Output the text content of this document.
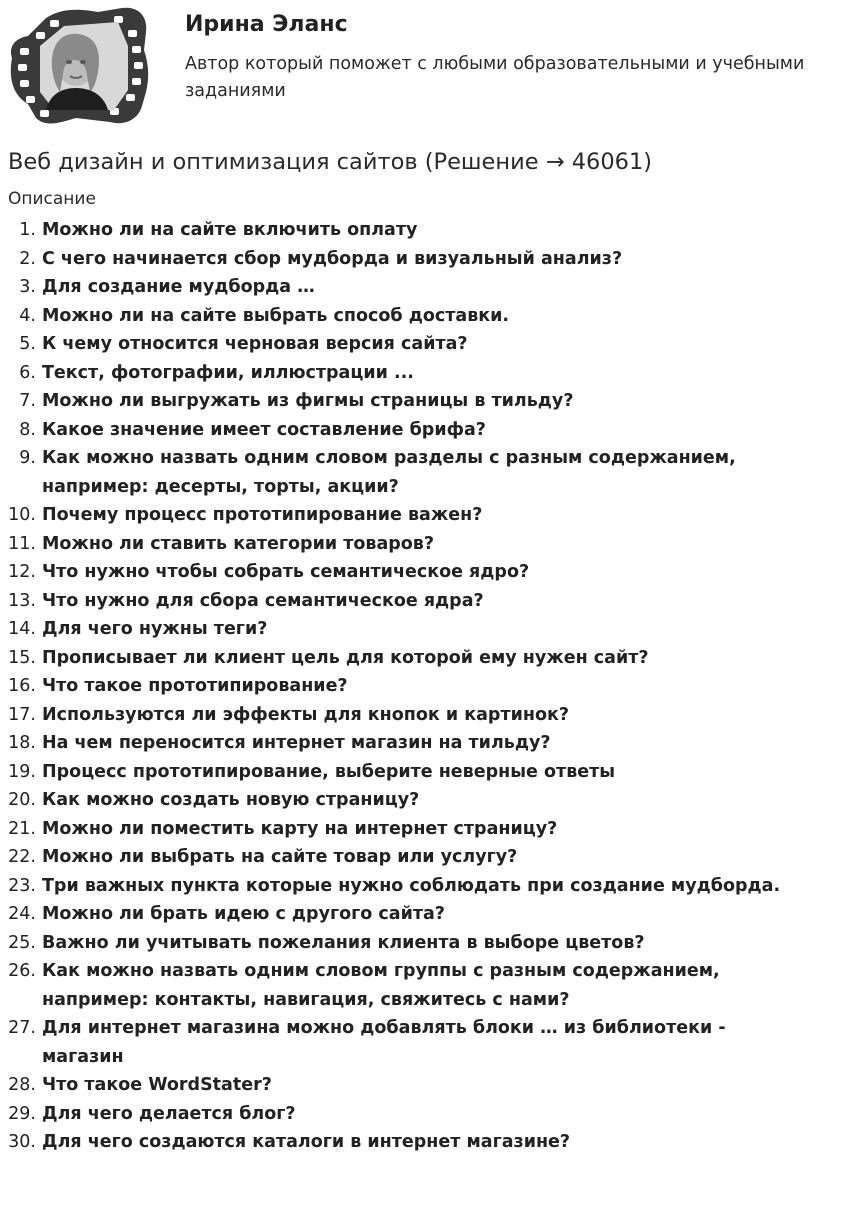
Ирина Эланс
Автор который поможет с любыми образовательными и учебными заданиями
Веб дизайн и оптимизация сайтов (Решение → 46061)
Описание
1. Можно ли на сайте включить оплату
2. С чего начинается сбор мудборда и визуальный анализ?
3. Для создание мудборда …
4. Можно ли на сайте выбрать способ доставки.
5. К чему относится черновая версия сайта?
6. Текст, фотографии, иллюстрации ...
7. Можно ли выгружать из фигмы страницы в тильду?
8. Какое значение имеет составление брифа?
9. Как можно назвать одним словом разделы с разным содержанием, например: десерты, торты, акции?
10. Почему процесс прототипирование важен?
11. Можно ли ставить категории товаров?
12. Что нужно чтобы собрать семантическое ядро?
13. Что нужно для сбора семантическое ядра?
14. Для чего нужны теги?
15. Прописывает ли клиент цель для которой ему нужен сайт?
16. Что такое прототипирование?
17. Используются ли эффекты для кнопок и картинок?
18. На чем переносится интернет магазин на тильду?
19. Процесс прототипирование, выберите неверные ответы
20. Как можно создать новую страницу?
21. Можно ли поместить карту на интернет страницу?
22. Можно ли выбрать на сайте товар или услугу?
23. Три важных пункта которые нужно соблюдать при создание мудборда.
24. Можно ли брать идею с другого сайта?
25. Важно ли учитывать пожелания клиента в выборе цветов?
26. Как можно назвать одним словом группы с разным содержанием, например: контакты, навигация, свяжитесь с нами?
27. Для интернет магазина можно добавлять блоки … из библиотеки - магазин
28. Что такое WordStater?
29. Для чего делается блог?
30. Для чего создаются каталоги в интернет магазине?
